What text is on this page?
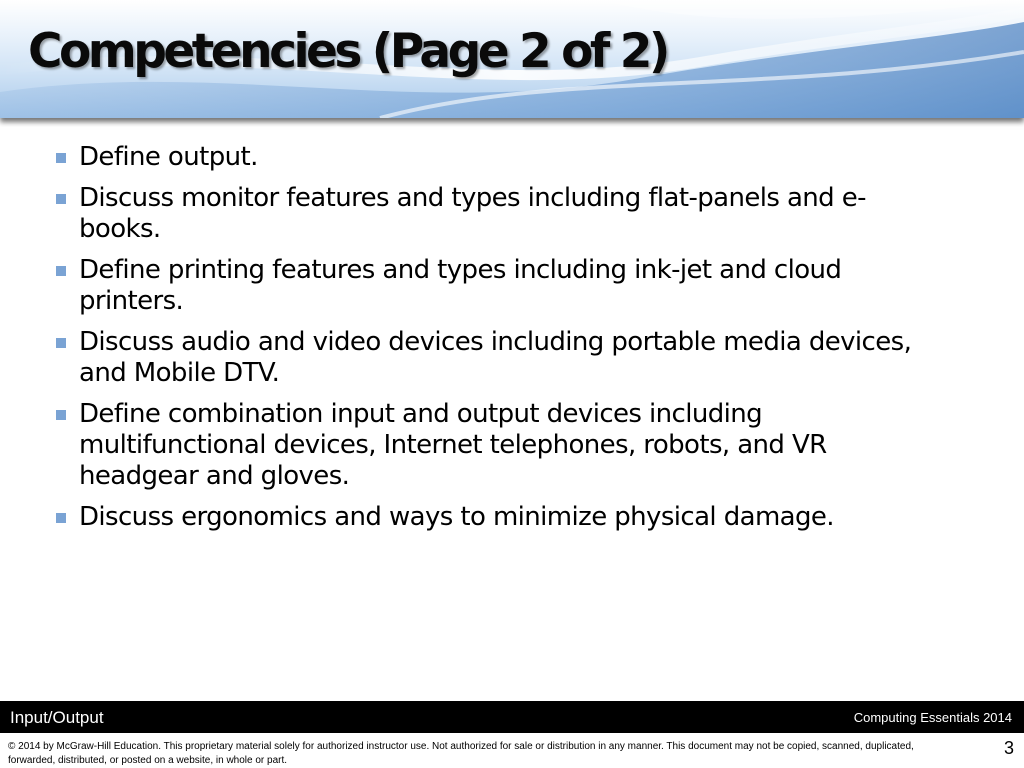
Competencies (Page 2 of 2)
Define output.
Discuss monitor features and types including flat-panels and e-books.
Define printing features and types including ink-jet and cloud printers.
Discuss audio and video devices including portable media devices, and Mobile DTV.
Define combination input and output devices including multifunctional devices, Internet telephones, robots, and VR headgear and gloves.
Discuss ergonomics and ways to minimize physical damage.
Input/Output	Computing Essentials 2014
© 2014 by McGraw-Hill Education. This proprietary material solely for authorized instructor use. Not authorized for sale or distribution in any manner. This document may not be copied, scanned, duplicated, forwarded, distributed, or posted on a website, in whole or part.
3
